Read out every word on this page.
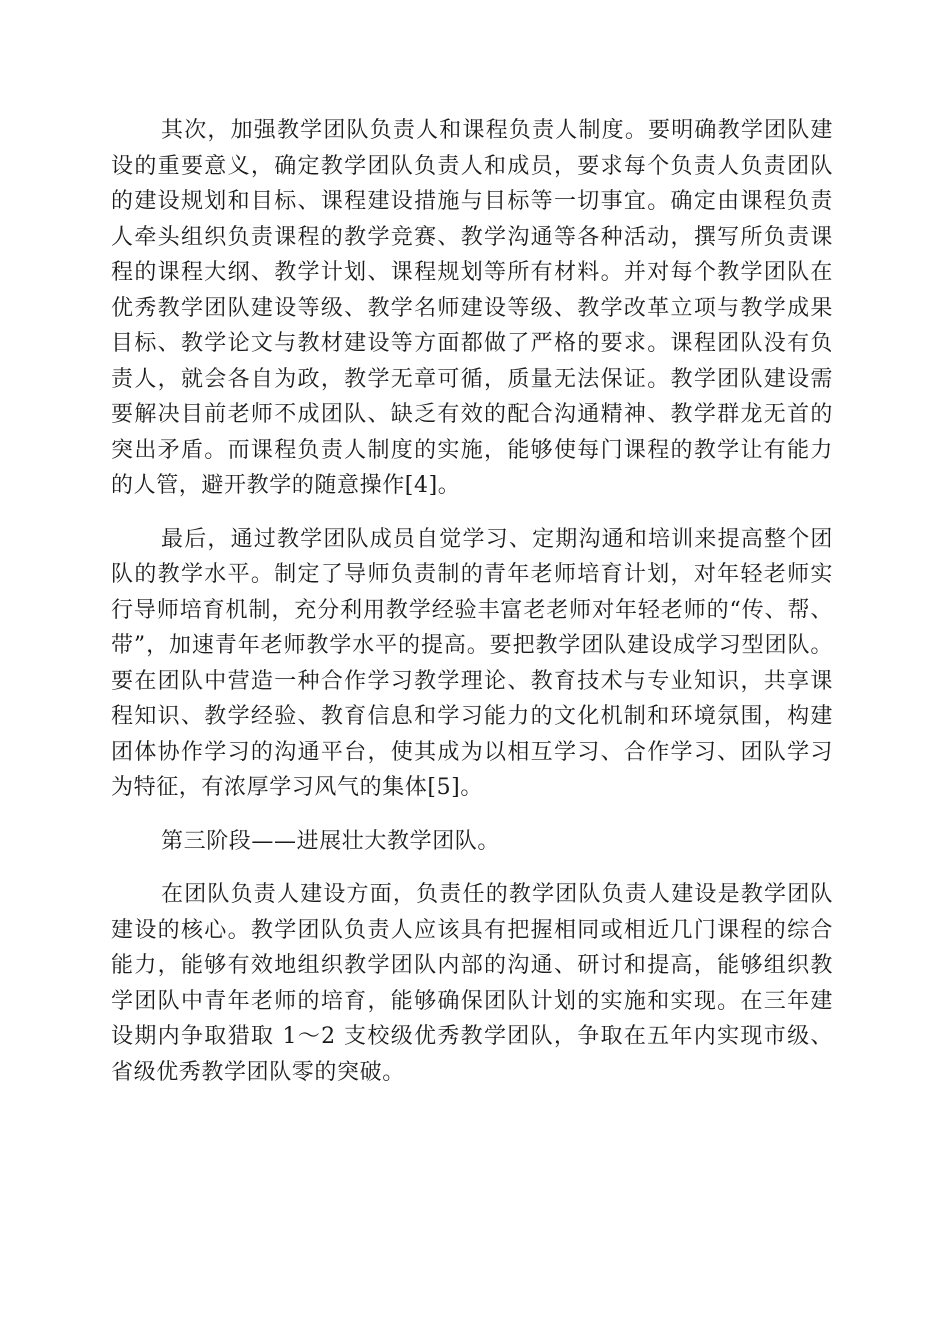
其次，加强教学团队负责人和课程负责人制度。要明确教学团队建设的重要意义，确定教学团队负责人和成员，要求每个负责人负责团队的建设规划和目标、课程建设措施与目标等一切事宜。确定由课程负责人牵头组织负责课程的教学竞赛、教学沟通等各种活动，撰写所负责课程的课程大纲、教学计划、课程规划等所有材料。并对每个教学团队在优秀教学团队建设等级、教学名师建设等级、教学改革立项与教学成果目标、教学论文与教材建设等方面都做了严格的要求。课程团队没有负责人，就会各自为政，教学无章可循，质量无法保证。教学团队建设需要解决目前老师不成团队、缺乏有效的配合沟通精神、教学群龙无首的突出矛盾。而课程负责人制度的实施，能够使每门课程的教学让有能力的人管，避开教学的随意操作[4]。

最后，通过教学团队成员自觉学习、定期沟通和培训来提高整个团队的教学水平。制定了导师负责制的青年老师培育计划，对年轻老师实行导师培育机制，充分利用教学经验丰富老老师对年轻老师的“传、帮、带”，加速青年老师教学水平的提高。要把教学团队建设成学习型团队。要在团队中营造一种合作学习教学理论、教育技术与专业知识，共享课程知识、教学经验、教育信息和学习能力的文化机制和环境氛围，构建团体协作学习的沟通平台，使其成为以相互学习、合作学习、团队学习为特征，有浓厚学习风气的集体[5]。

第三阶段——进展壮大教学团队。

在团队负责人建设方面，负责任的教学团队负责人建设是教学团队建设的核心。教学团队负责人应该具有把握相同或相近几门课程的综合能力，能够有效地组织教学团队内部的沟通、研讨和提高，能够组织教学团队中青年老师的培育，能够确保团队计划的实施和实现。在三年建设期内争取猎取 1～2 支校级优秀教学团队，争取在五年内实现市级、省级优秀教学团队零的突破。
